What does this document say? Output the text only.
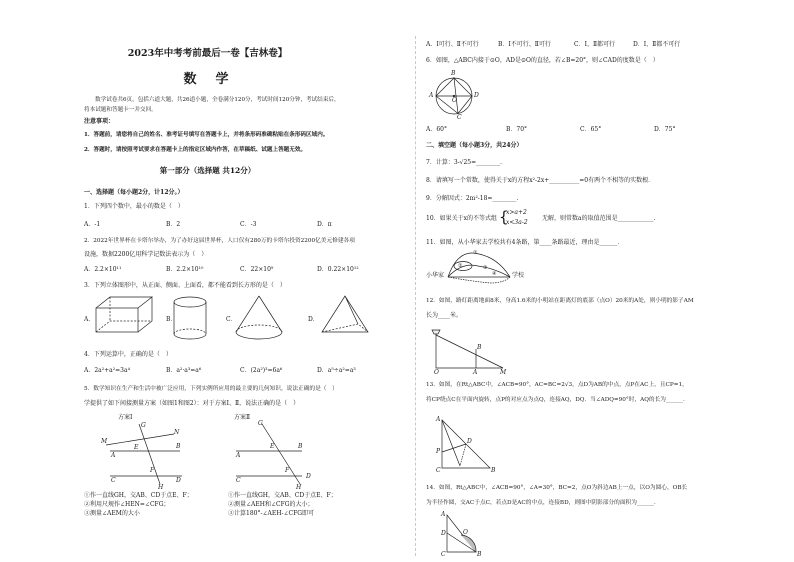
2023年中考考前最后一卷【吉林卷】
数　学
数学试卷共6页，包括六道大题，共26道小题，全卷满分120分，考试时间120分钟，考试结束后，
将本试题和答题卡一并交回。
注意事项：
1．答题前，请您将自己的姓名、准考证号填写在答题卡上，并将条形码准确粘贴在条形码区域内。
2．答题时，请按照考试要求在答题卡上的指定区域内作答，在草稿纸、试题上答题无效。
第一部分（选择题 共12分）
一、选择题（每小题2分，计12分。）
1．下列四个数中，最小的数是（　）
A．-1	B．2	C．-3	D．π
2．2022年世界杯在卡塔尔举办，为了办好这届世界杯，人口仅有280万的卡塔尔投资2200亿美元修建各项
设施，数据2200亿用科学记数法表示为（　）
A．2.2×10¹¹	B．2.2×10¹⁰	C．22×10⁹	D．0.22×10¹²
3．下列立体图形中，从正面、侧面、上面看，都不能看到长方形的是（　）
A．	B．	C．	D．
4．下列运算中，正确的是（　）
A．2a²+a²=3a⁴	B．a²·a³=a⁶	C．(2a²)³=6a⁶	D．a⁵÷a²=a³
5．数学知识在生产和生活中被广泛应用，下列实例所应用的最主要的几何知识，说法正确的是（　）
学提供了如下间接测量方案（如图1和图2）：对于方案Ⅰ、Ⅱ，说法正确的是（　）
方案Ⅰ	方案Ⅱ
G
M
N
A
E	B
C
F
D
H
G
A
E	B
C
F
D
H
①作一直线GH，交AB、CD于点E、F；
②利用尺规作∠HEN=∠CFG；
③测量∠AEM的大小
①作一直线GH，交AB、CD于点E、F；
②测量∠AEH和∠CFG的大小；
③计算180°-∠AEH-∠CFG即可
A．Ⅰ可行、Ⅱ不可行	B．Ⅰ不可行、Ⅱ可行	C．Ⅰ、Ⅱ都可行	D．Ⅰ、Ⅱ都不可行
6．如图，△ABC内接于⊙O，AD是⊙O的直径，若∠B=20°，则∠CAD的度数是（　）
B
A
O
D
C
A．60°	B．70°	C．65°	D．75°
二、填空题（每小题3分，共24分）
7．计算：3-√25=________.
8．请填写一个常数，使得关于x的方程x²-2x+__________=0有两个不相等的实数根．
9．分解因式：2m²-18=________.
10．如果关于x的不等式组 {
x>a+2
x<3a-2
无解，则常数a的取值范围是____________.
11．如图，从小华家去学校共有4条路，第____条路最近，理由是______．
小华家	学校
①
②	③
④
12．如图，路灯距离地面8米，身高1.6米的小明站在距离灯的底部（点O）20米的A处，则小明的影子AM
长为____米。
O	A	M
B
13．如图，在Rt△ABC中，∠ACB=90°，AC=BC=2√3，点D为AB的中点，点P在AC上，且CP=1，
将CP绕点C在平面内旋转，点P的对应点为点Q，连接AQ，DQ．当∠ADQ=90°时，AQ的长为______．
A
D
P
C	B
14．如图，Rt△ABC中，∠ACB=90°，∠A=30°，BC=2，点O为斜边AB上一点，以O为圆心，OB长
为半径作圆，交AC于点C，若点D是AC的中点，连接BD，则图中阴影部分的面积为______．
A
O
C	B
D
